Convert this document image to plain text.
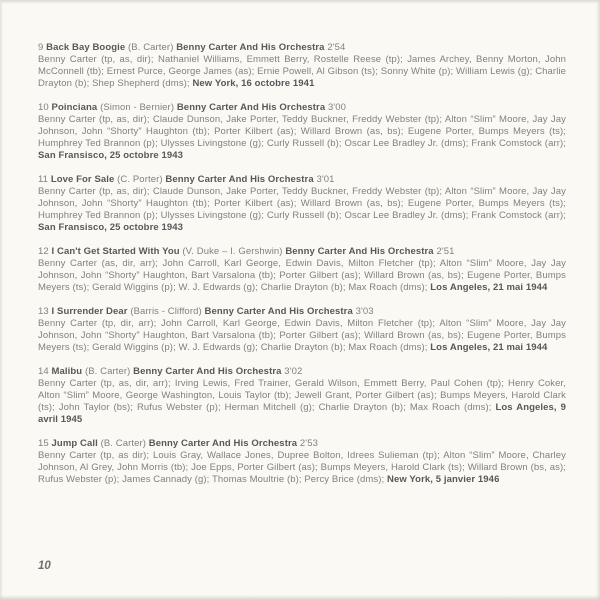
9 Back Bay Boogie (B. Carter) Benny Carter And His Orchestra 2'54

Benny Carter (tp, as, dir); Nathaniel Williams, Emmett Berry, Rostelle Reese (tp); James Archey, Benny Morton, John McConnell (tb); Ernest Purce, George James (as); Ernie Powell, Al Gibson (ts); Sonny White (p); William Lewis (g); Charlie Drayton (b); Shep Shepherd (dms); New York, 16 octobre 1941

10 Poinciana (Simon - Bernier) Benny Carter And His Orchestra 3'00

Benny Carter (tp, as, dir); Claude Dunson, Jake Porter, Teddy Buckner, Freddy Webster (tp); Alton “Slim” Moore, Jay Jay Johnson, John “Shorty” Haughton (tb); Porter Kilbert (as); Willard Brown (as, bs); Eugene Porter, Bumps Meyers (ts); Humphrey Ted Brannon (p); Ulysses Livingstone (g); Curly Russell (b); Oscar Lee Bradley Jr. (dms); Frank Comstock (arr); San Fransisco, 25 octobre 1943

11 Love For Sale (C. Porter) Benny Carter And His Orchestra 3'01

Benny Carter (tp, as, dir); Claude Dunson, Jake Porter, Teddy Buckner, Freddy Webster (tp); Alton “Slim” Moore, Jay Jay Johnson, John “Shorty” Haughton (tb); Porter Kilbert (as); Willard Brown (as, bs); Eugene Porter, Bumps Meyers (ts); Humphrey Ted Brannon (p); Ulysses Livingstone (g); Curly Russell (b); Oscar Lee Bradley Jr. (dms); Frank Comstock (arr); San Fransisco, 25 octobre 1943

12 I Can't Get Started With You (V. Duke – I. Gershwin) Benny Carter And His Orchestra 2'51

Benny Carter (as, dir, arr); John Carroll, Karl George, Edwin Davis, Milton Fletcher (tp); Alton “Slim” Moore, Jay Jay Johnson, John “Shorty” Haughton, Bart Varsalona (tb); Porter Gilbert (as); Willard Brown (as, bs); Eugene Porter, Bumps Meyers (ts); Gerald Wiggins (p); W. J. Edwards (g); Charlie Drayton (b); Max Roach (dms); Los Angeles, 21 mai 1944

13 I Surrender Dear (Barris - Clifford) Benny Carter And His Orchestra 3'03

Benny Carter (tp, dir, arr); John Carroll, Karl George, Edwin Davis, Milton Fletcher (tp); Alton “Slim” Moore, Jay Jay Johnson, John “Shorty” Haughton, Bart Varsalona (tb); Porter Gilbert (as); Willard Brown (as, bs); Eugene Porter, Bumps Meyers (ts); Gerald Wiggins (p); W. J. Edwards (g); Charlie Drayton (b); Max Roach (dms); Los Angeles, 21 mai 1944

14 Malibu (B. Carter) Benny Carter And His Orchestra 3'02

Benny Carter (tp, as, dir, arr); Irving Lewis, Fred Trainer, Gerald Wilson, Emmett Berry, Paul Cohen (tp); Henry Coker, Alton “Slim” Moore, George Washington, Louis Taylor (tb); Jewell Grant, Porter Gilbert (as); Bumps Meyers, Harold Clark (ts); John Taylor (bs); Rufus Webster (p); Herman Mitchell (g); Charlie Drayton (b); Max Roach (dms); Los Angeles, 9 avril 1945

15 Jump Call (B. Carter) Benny Carter And His Orchestra 2'53

Benny Carter (tp, as dir); Louis Gray, Wallace Jones, Dupree Bolton, Idrees Sulieman (tp); Alton “Slim” Moore, Charley Johnson, Al Grey, John Morris (tb); Joe Epps, Porter Gilbert (as); Bumps Meyers, Harold Clark (ts); Willard Brown (bs, as); Rufus Webster (p); James Cannady (g); Thomas Moultrie (b); Percy Brice (dms); New York, 5 janvier 1946

10
